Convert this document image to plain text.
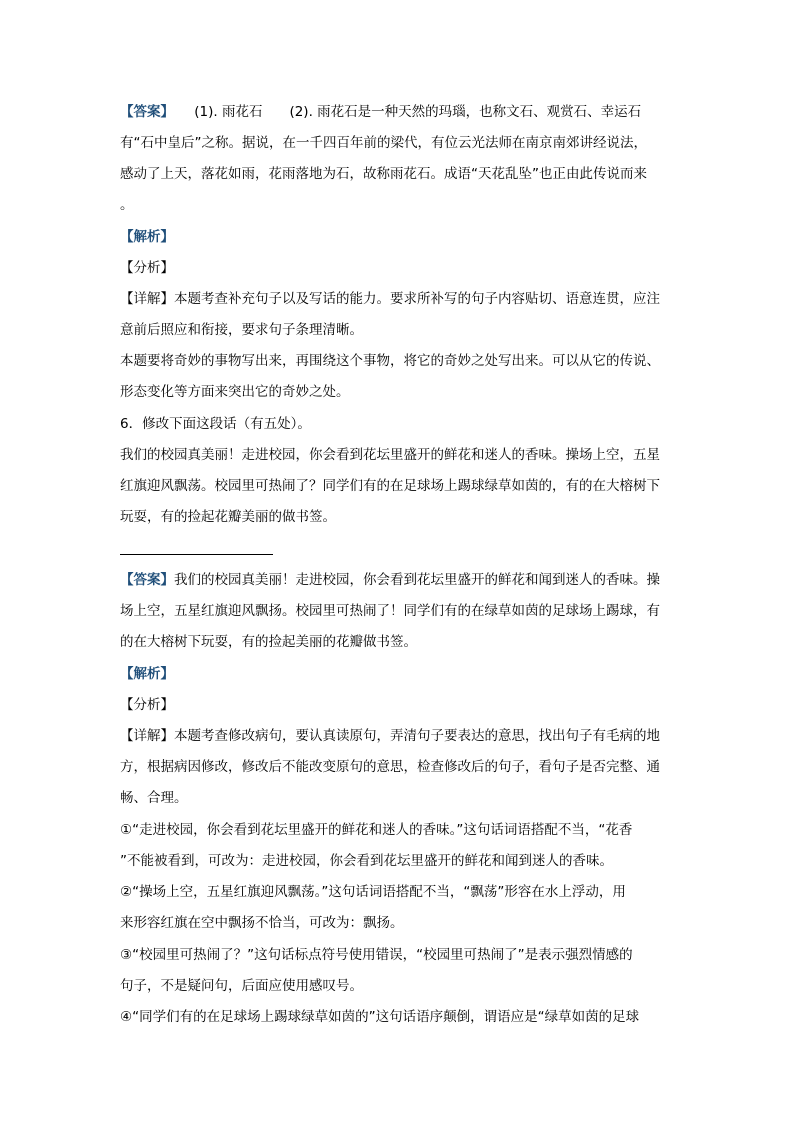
【答案】　　(1). 雨花石　　(2). 雨花石是一种天然的玛瑙，也称文石、观赏石、幸运石
有“石中皇后”之称。据说，在一千四百年前的梁代，有位云光法师在南京南郊讲经说法，
感动了上天，落花如雨，花雨落地为石，故称雨花石。成语“天花乱坠”也正由此传说而来
。
【解析】
【分析】
【详解】本题考查补充句子以及写话的能力。要求所补写的句子内容贴切、语意连贯，应注
意前后照应和衔接，要求句子条理清晰。
本题要将奇妙的事物写出来，再围绕这个事物，将它的奇妙之处写出来。可以从它的传说、
形态变化等方面来突出它的奇妙之处。
6．修改下面这段话（有五处）。
我们的校园真美丽！走进校园，你会看到花坛里盛开的鲜花和迷人的香味。操场上空，五星
红旗迎风飘荡。校园里可热闹了？同学们有的在足球场上踢球绿草如茵的，有的在大榕树下
玩耍，有的捡起花瓣美丽的做书签。
【答案】我们的校园真美丽！走进校园，你会看到花坛里盛开的鲜花和闻到迷人的香味。操
场上空，五星红旗迎风飘扬。校园里可热闹了！同学们有的在绿草如茵的足球场上踢球，有
的在大榕树下玩耍，有的捡起美丽的花瓣做书签。
【解析】
【分析】
【详解】本题考查修改病句，要认真读原句，弄清句子要表达的意思，找出句子有毛病的地
方，根据病因修改，修改后不能改变原句的意思，检查修改后的句子，看句子是否完整、通
畅、合理。
①“走进校园，你会看到花坛里盛开的鲜花和迷人的香味。”这句话词语搭配不当，“花香
”不能被看到，可改为：走进校园，你会看到花坛里盛开的鲜花和闻到迷人的香味。
②“操场上空，五星红旗迎风飘荡。”这句话词语搭配不当，“飘荡”形容在水上浮动，用
来形容红旗在空中飘扬不恰当，可改为：飘扬。
③“校园里可热闹了？”这句话标点符号使用错误，“校园里可热闹了”是表示强烈情感的
句子，不是疑问句，后面应使用感叹号。
④“同学们有的在足球场上踢球绿草如茵的”这句话语序颠倒，谓语应是“绿草如茵的足球
